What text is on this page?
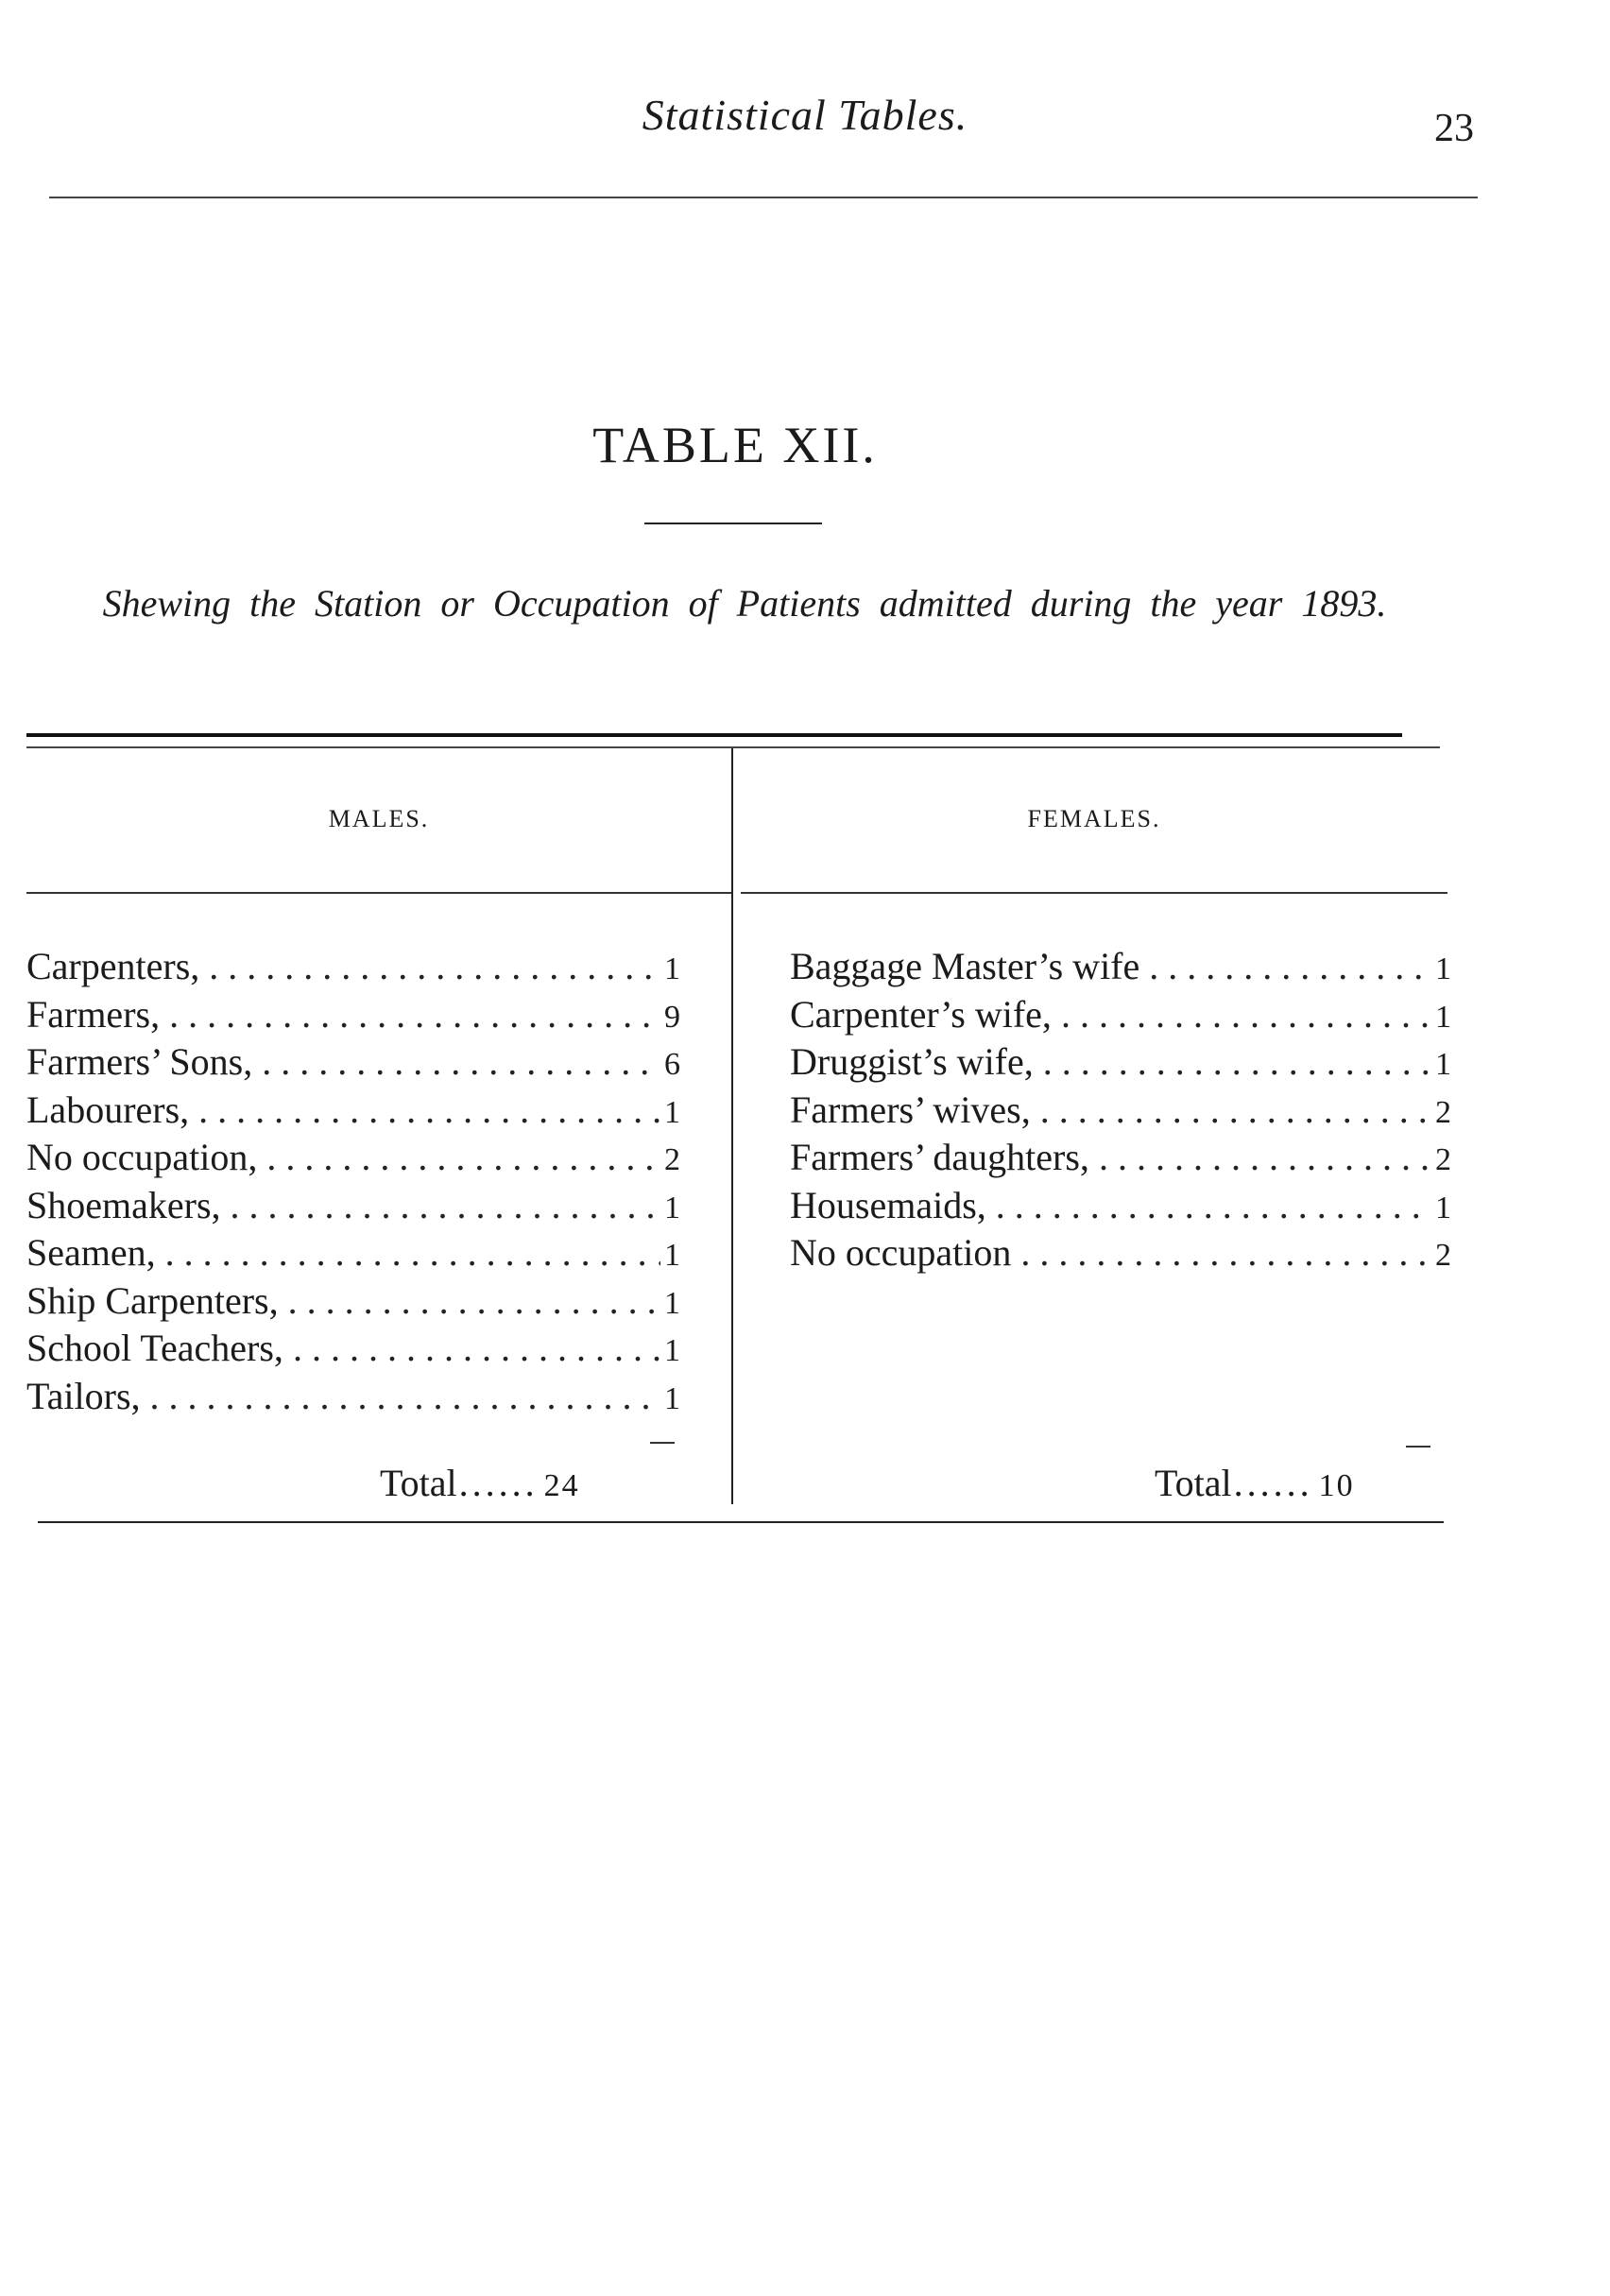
Statistical Tables.	23
TABLE XII.
Shewing the Station or Occupation of Patients admitted during the year 1893.
MALES.	FEMALES.
Carpenters, . . .	1
Farmers, . . .	9
Farmers’ Sons, . . .	6
Labourers, . . .	1
No occupation, . . .	2
Shoemakers, . . .	1
Seamen, . . .	1
Ship Carpenters, . . .	1
School Teachers, . . .	1
Tailors, . . .	1
Baggage Master’s wife . . .	1
Carpenter’s wife, . . .	1
Druggist’s wife, . . .	1
Farmers’ wives, . . .	2
Farmers’ daughters, . . .	2
Housemaids, . . .	1
No occupation . . .	2
Total ...... 24	Total ...... 10
